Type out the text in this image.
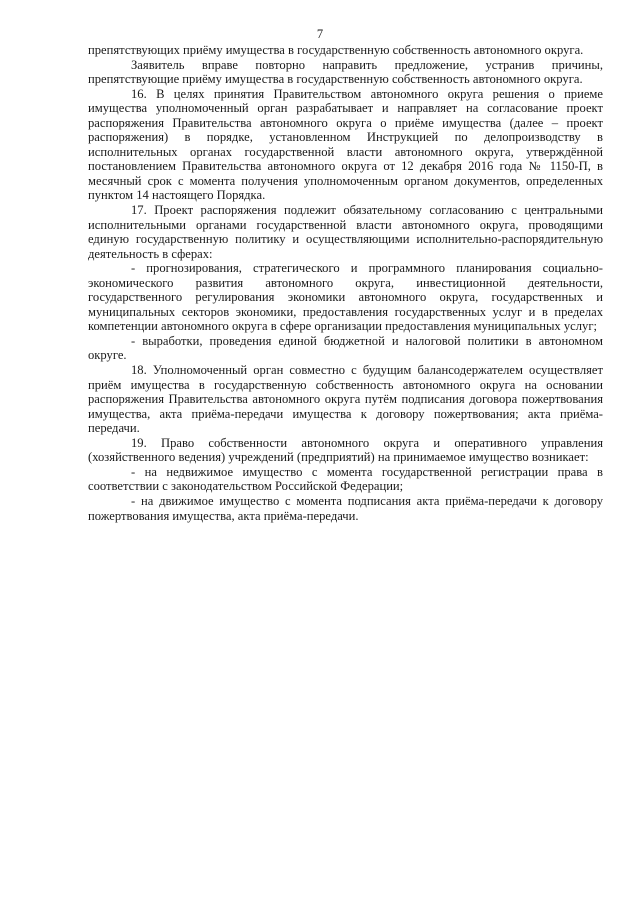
7

препятствующих приёму имущества в государственную собственность автономного округа.

Заявитель вправе повторно направить предложение, устранив причины, препятствующие приёму имущества в государственную собственность автономного округа.

16. В целях принятия Правительством автономного округа решения о приеме имущества уполномоченный орган разрабатывает и направляет на согласование проект распоряжения Правительства автономного округа о приёме имущества (далее – проект распоряжения) в порядке, установленном Инструкцией по делопроизводству в исполнительных органах государственной власти автономного округа, утверждённой постановлением Правительства автономного округа от 12 декабря 2016 года № 1150-П, в месячный срок с момента получения уполномоченным органом документов, определенных пунктом 14 настоящего Порядка.

17. Проект распоряжения подлежит обязательному согласованию с центральными исполнительными органами государственной власти автономного округа, проводящими единую государственную политику и осуществляющими исполнительно-распорядительную деятельность в сферах:

- прогнозирования, стратегического и программного планирования социально-экономического развития автономного округа, инвестиционной деятельности, государственного регулирования экономики автономного округа, государственных и муниципальных секторов экономики, предоставления государственных услуг и в пределах компетенции автономного округа в сфере организации предоставления муниципальных услуг;

- выработки, проведения единой бюджетной и налоговой политики в автономном округе.

18. Уполномоченный орган совместно с будущим балансодержателем осуществляет приём имущества в государственную собственность автономного округа на основании распоряжения Правительства автономного округа путём подписания договора пожертвования имущества, акта приёма-передачи имущества к договору пожертвования; акта приёма-передачи.

19. Право собственности автономного округа и оперативного управления (хозяйственного ведения) учреждений (предприятий) на принимаемое имущество возникает:

- на недвижимое имущество с момента государственной регистрации права в соответствии с законодательством Российской Федерации;

- на движимое имущество с момента подписания акта приёма-передачи к договору пожертвования имущества, акта приёма-передачи.
